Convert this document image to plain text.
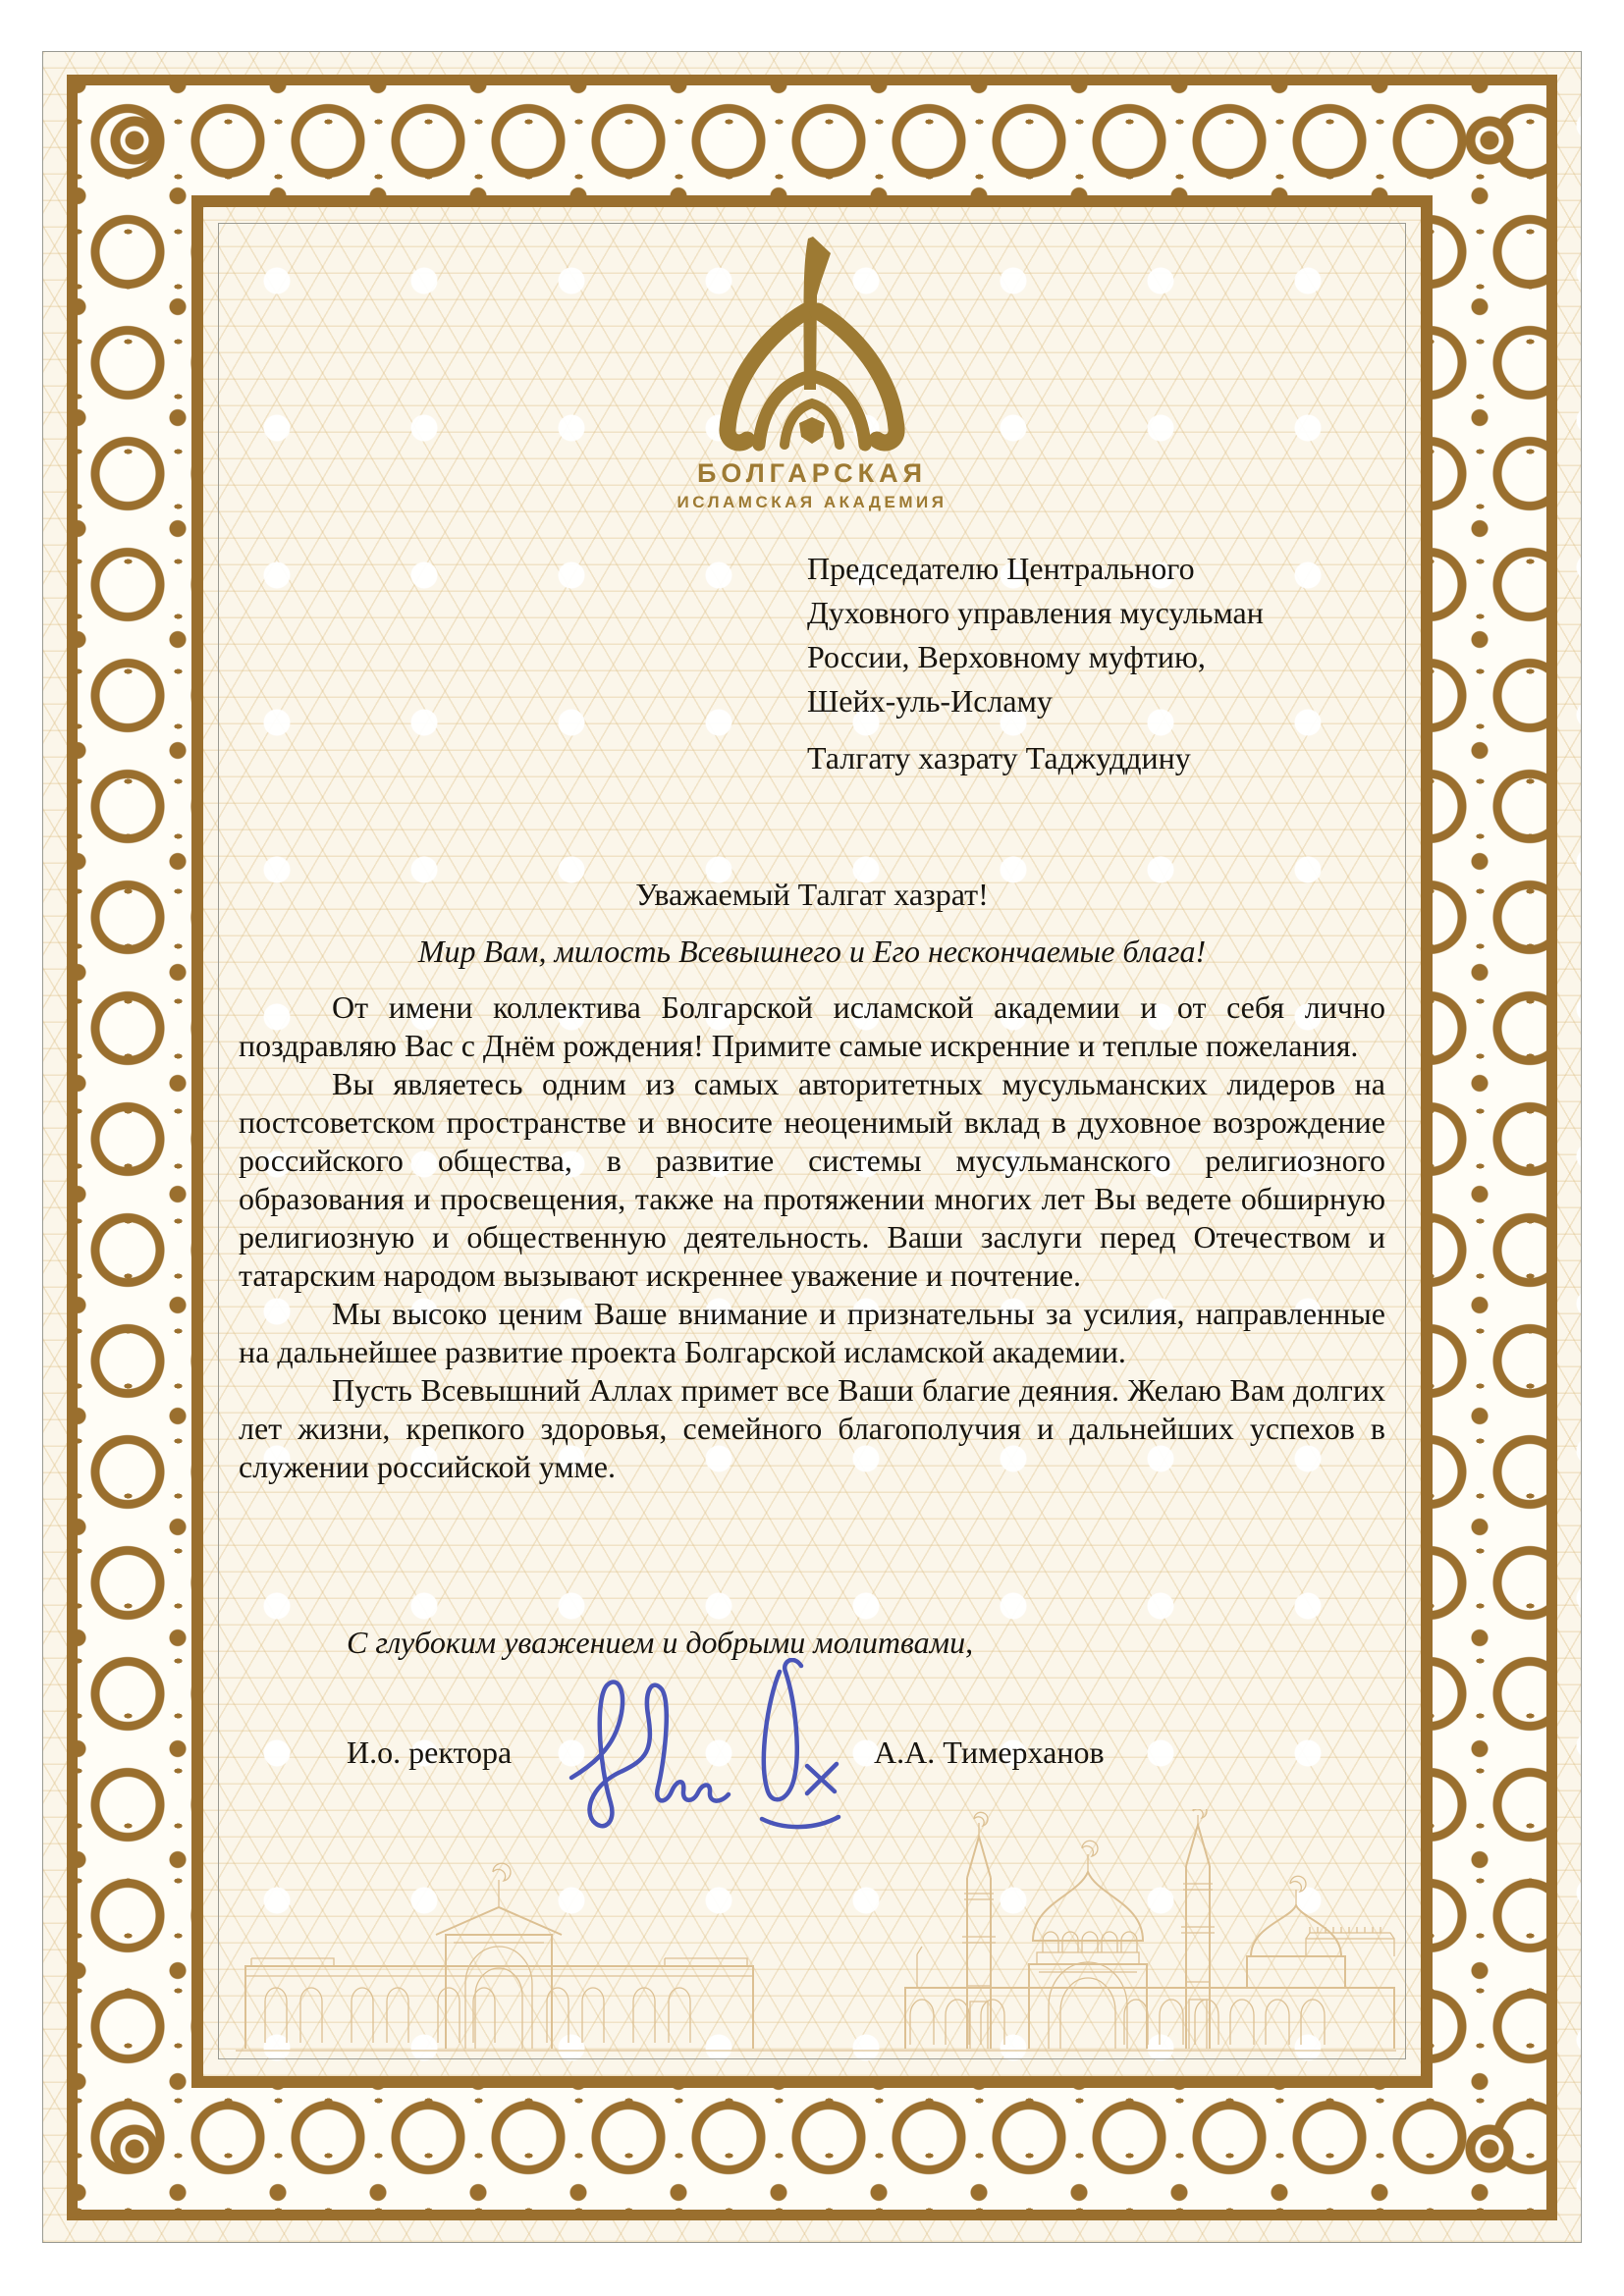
БОЛГАРСКАЯ
ИСЛАМСКАЯ АКАДЕМИЯ
Председателю Центрального
Духовного управления мусульман
России, Верховному муфтию,
Шейх-уль-Исламу
Талгату хазрату Таджуддину
Уважаемый Талгат хазрат!
Мир Вам, милость Всевышнего и Его нескончаемые блага!

От имени коллектива Болгарской исламской академии и от себя лично поздравляю Вас с Днём рождения! Примите самые искренние и теплые пожелания.

Вы являетесь одним из самых авторитетных мусульманских лидеров на постсоветском пространстве и вносите неоценимый вклад в духовное возрождение российского общества, в развитие системы мусульманского религиозного образования и просвещения, также на протяжении многих лет Вы ведете обширную религиозную и общественную деятельность. Ваши заслуги перед Отечеством и татарским народом вызывают искреннее уважение и почтение.

Мы высоко ценим Ваше внимание и признательны за усилия, направленные на дальнейшее развитие проекта Болгарской исламской академии.

Пусть Всевышний Аллах примет все Ваши благие деяния. Желаю Вам долгих лет жизни, крепкого здоровья, семейного благополучия и дальнейших успехов в служении российской умме.

С глубоким уважением и добрыми молитвами,
И.о. ректора	А.А. Тимерханов
